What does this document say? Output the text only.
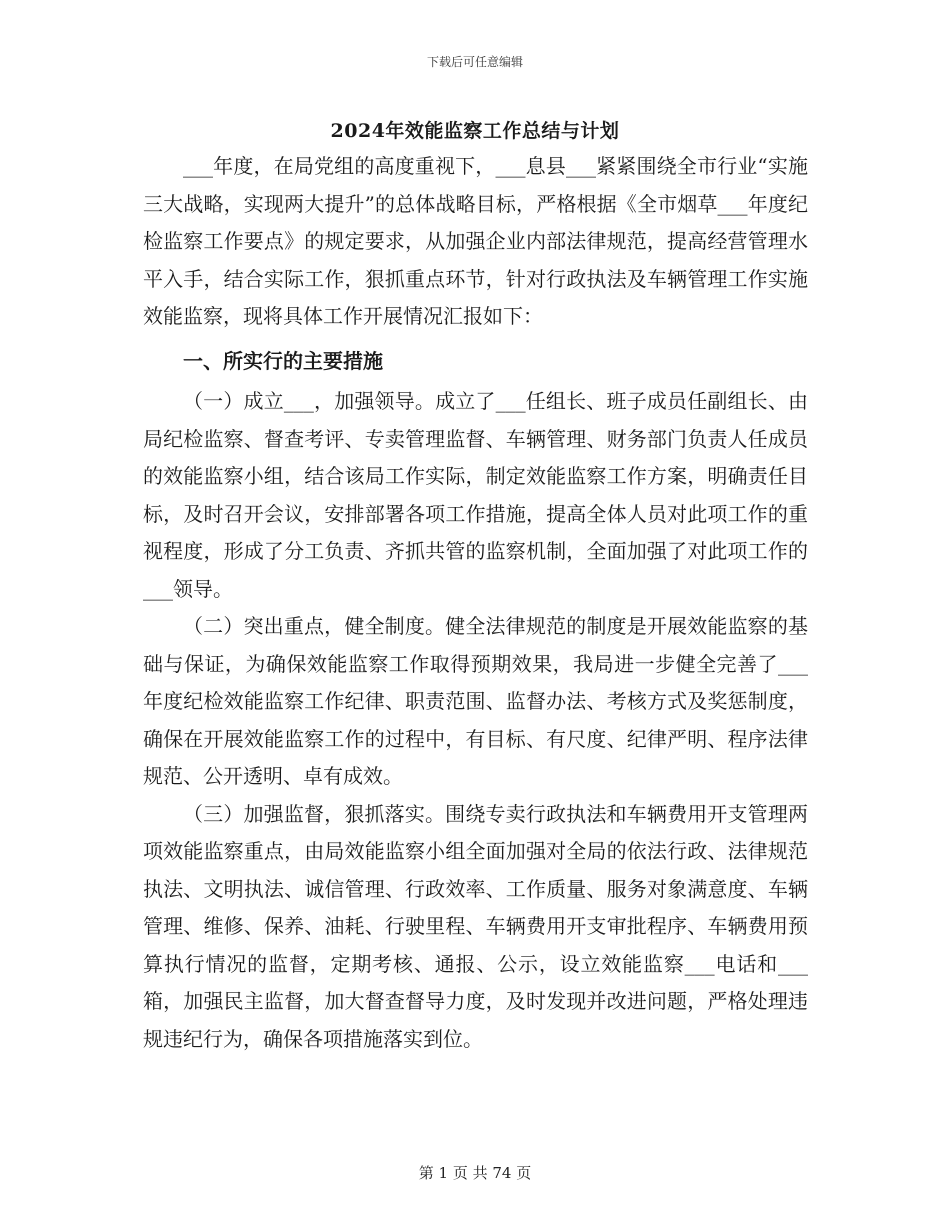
下载后可任意编辑
2024年效能监察工作总结与计划

___年度，在局党组的高度重视下，___息县___紧紧围绕全市行业“实施三大战略，实现两大提升”的总体战略目标，严格根据《全市烟草___年度纪检监察工作要点》的规定要求，从加强企业内部法律规范，提高经营管理水平入手，结合实际工作，狠抓重点环节，针对行政执法及车辆管理工作实施效能监察，现将具体工作开展情况汇报如下：

一、所实行的主要措施

（一）成立___，加强领导。成立了___任组长、班子成员任副组长、由局纪检监察、督查考评、专卖管理监督、车辆管理、财务部门负责人任成员的效能监察小组，结合该局工作实际，制定效能监察工作方案，明确责任目标，及时召开会议，安排部署各项工作措施，提高全体人员对此项工作的重视程度，形成了分工负责、齐抓共管的监察机制，全面加强了对此项工作的___领导。

（二）突出重点，健全制度。健全法律规范的制度是开展效能监察的基础与保证，为确保效能监察工作取得预期效果，我局进一步健全完善了___年度纪检效能监察工作纪律、职责范围、监督办法、考核方式及奖惩制度，确保在开展效能监察工作的过程中，有目标、有尺度、纪律严明、程序法律规范、公开透明、卓有成效。

（三）加强监督，狠抓落实。围绕专卖行政执法和车辆费用开支管理两项效能监察重点，由局效能监察小组全面加强对全局的依法行政、法律规范执法、文明执法、诚信管理、行政效率、工作质量、服务对象满意度、车辆管理、维修、保养、油耗、行驶里程、车辆费用开支审批程序、车辆费用预算执行情况的监督，定期考核、通报、公示，设立效能监察___电话和___箱，加强民主监督，加大督查督导力度，及时发现并改进问题，严格处理违规违纪行为，确保各项措施落实到位。

第 1 页 共 74 页
